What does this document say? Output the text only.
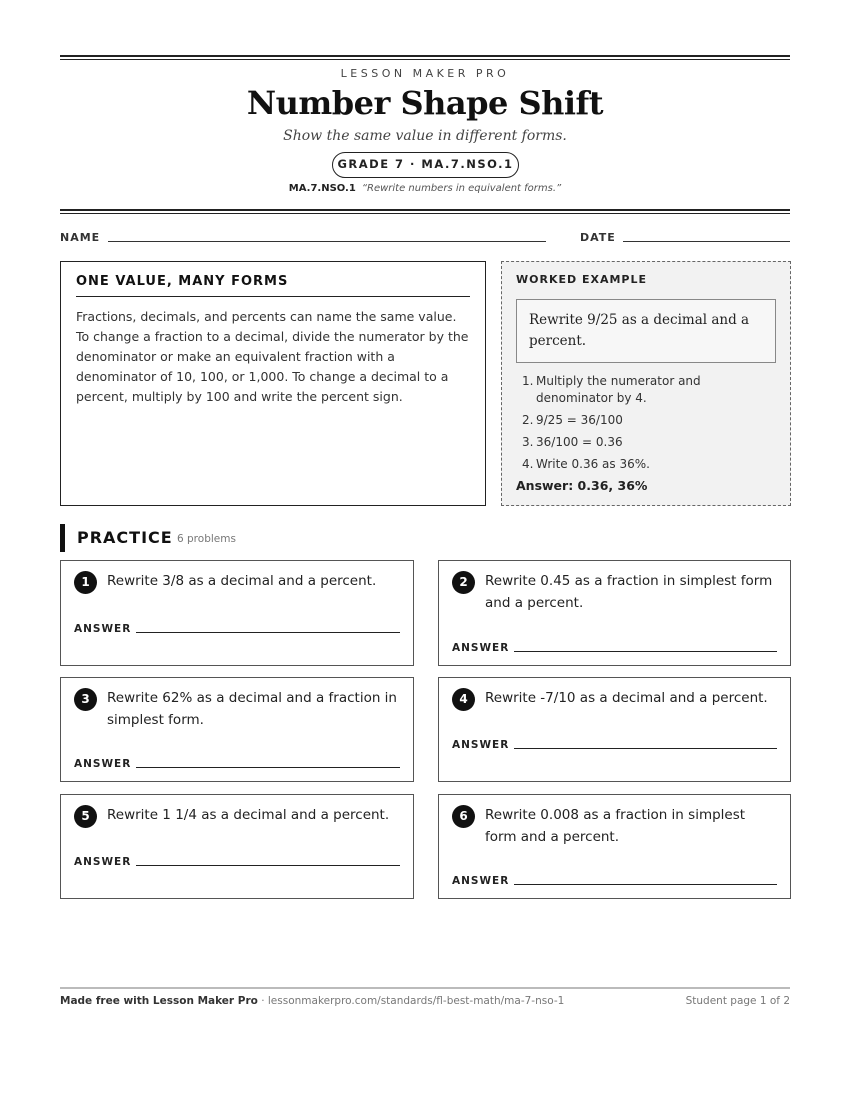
LESSON MAKER PRO
Number Shape Shift
Show the same value in different forms.
GRADE 7 · MA.7.NSO.1
MA.7.NSO.1 “Rewrite numbers in equivalent forms.”
NAME	DATE
ONE VALUE, MANY FORMS
Fractions, decimals, and percents can name the same value. To change a fraction to a decimal, divide the numerator by the denominator or make an equivalent fraction with a denominator of 10, 100, or 1,000. To change a decimal to a percent, multiply by 100 and write the percent sign.
WORKED EXAMPLE
Rewrite 9/25 as a decimal and a percent.
1. Multiply the numerator and denominator by 4.
2. 9/25 = 36/100
3. 36/100 = 0.36
4. Write 0.36 as 36%.
Answer: 0.36, 36%
PRACTICE 6 problems
1	Rewrite 3/8 as a decimal and a percent.
ANSWER
2	Rewrite 0.45 as a fraction in simplest form and a percent.
ANSWER
3	Rewrite 62% as a decimal and a fraction in simplest form.
ANSWER
4	Rewrite -7/10 as a decimal and a percent.
ANSWER
5	Rewrite 1 1/4 as a decimal and a percent.
ANSWER
6	Rewrite 0.008 as a fraction in simplest form and a percent.
ANSWER
Made free with Lesson Maker Pro · lessonmakerpro.com/standards/fl-best-math/ma-7-nso-1	Student page 1 of 2
